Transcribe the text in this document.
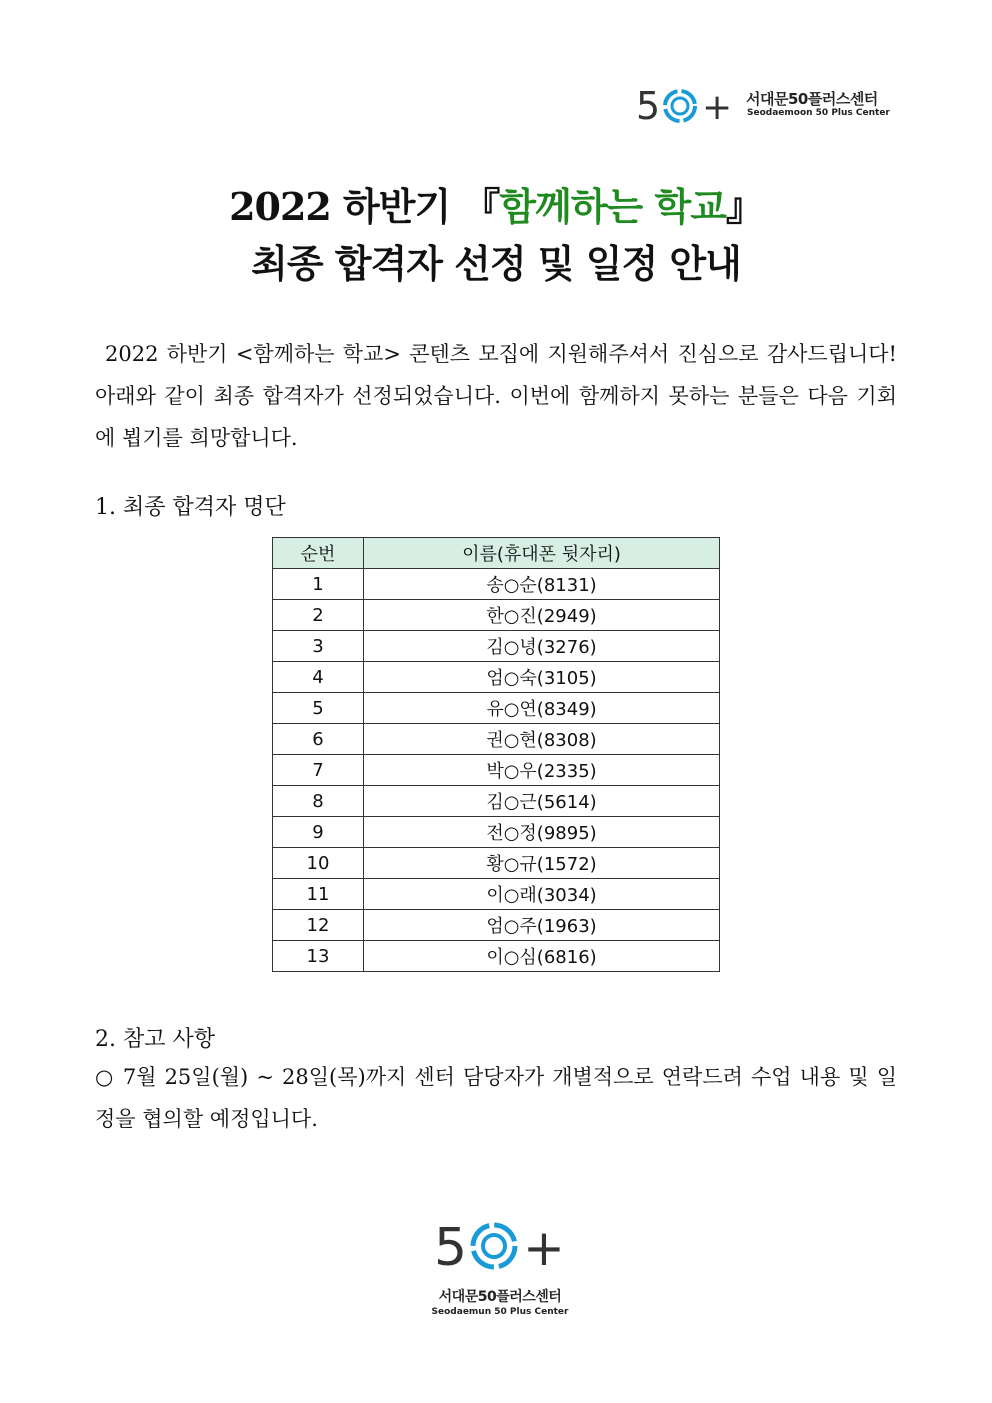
5 + 서대문50플러스센터
Seodaemoon 50 Plus Center
2022 하반기 『함께하는 학교』
최종 합격자 선정 및 일정 안내
2022 하반기 <함께하는 학교> 콘텐츠 모집에 지원해주셔서 진심으로 감사드립니다! 아래와 같이 최종 합격자가 선정되었습니다. 이번에 함께하지 못하는 분들은 다음 기회에 뵙기를 희망합니다.
1. 최종 합격자 명단
순번	이름(휴대폰 뒷자리)
1	송○순(8131)
2	한○진(2949)
3	김○녕(3276)
4	엄○숙(3105)
5	유○연(8349)
6	권○현(8308)
7	박○우(2335)
8	김○근(5614)
9	전○정(9895)
10	황○규(1572)
11	이○래(3034)
12	엄○주(1963)
13	이○심(6816)
2. 참고 사항
○ 7월 25일(월) ~ 28일(목)까지 센터 담당자가 개별적으로 연락드려 수업 내용 및 일정을 협의할 예정입니다.
5 +
서대문50플러스센터
Seodaemun 50 Plus Center
